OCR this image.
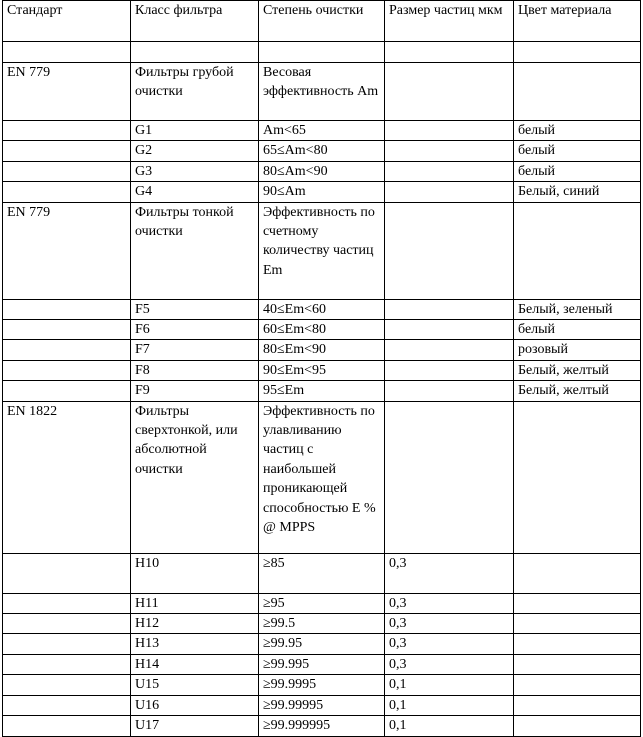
Стандарт	Класс фильтра	Степень очистки	Размер частиц мкм	Цвет материала

EN 779	Фильтры грубой очистки	Весовая эффективность Am		
	G1	Am<65		белый
	G2	65≤Am<80		белый
	G3	80≤Am<90		белый
	G4	90≤Am		Белый, синий
EN 779	Фильтры тонкой очистки	Эффективность по счетному количеству частиц Em		
	F5	40≤Em<60		Белый, зеленый
	F6	60≤Em<80		белый
	F7	80≤Em<90		розовый
	F8	90≤Em<95		Белый, желтый
	F9	95≤Em		Белый, желтый
EN 1822	Фильтры сверхтонкой, или абсолютной очистки	Эффективность по улавливанию частиц с наибольшей проникающей способностью E % @ MPPS		
	H10	≥85	0,3	
	H11	≥95	0,3	
	H12	≥99.5	0,3	
	H13	≥99.95	0,3	
	H14	≥99.995	0,3	
	U15	≥99.9995	0,1	
	U16	≥99.99995	0,1	
	U17	≥99.999995	0,1	
